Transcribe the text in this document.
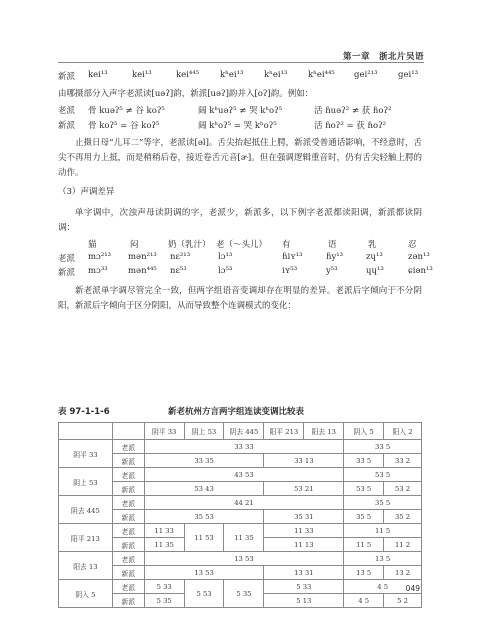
第一章　浙北片吴语
新派 kei¹³	kei¹³	kei⁴⁴⁵ kʰei¹³ kʰei¹³ kʰei⁴⁴⁵ gei²¹³ gei¹³
由哪摄部分入声字老派读[uəʔ]韵，新派[uəʔ]韵并入[oʔ]韵。例如：
老派 骨 kuəʔ⁵ ≠ 谷 koʔ⁵	阔 kʰuəʔ⁵ ≠ 哭 kʰoʔ⁵	活 ɦuəʔ² ≠ 获 ɦoʔ²
新派 骨 koʔ⁵ = 谷 koʔ⁵	阔 kʰoʔ⁵ = 哭 kʰoʔ⁵	活 ɦoʔ² = 获 ɦoʔ²

止摄日母“儿耳二”等字，老派读[əl]。舌尖抬起抵住上腭，新派受普通话影响，不经意时，舌尖不再用力上抵，而是稍稍后卷，接近卷舌元音[ɚ]。但在强调逻辑重音时，仍有舌尖轻触上腭的动作。

（3）声调差异

单字调中，次浊声母读阴调的字，老派少，新派多，以下例字老派都读阳调，新派都读阴调：

猫	闷	奶（乳汁） 老（～头儿） 有	语	乳	忍
老派 mɔ²¹³ mən²¹³ nɛ²¹³	lɔ¹³	ɦiʏ¹³	ɦy¹³	zɥ¹³	zən¹³
新派 mɔ³³ mən⁴⁴⁵ nɛ⁵³	lɔ⁵³	iʏ⁵³	y⁵³	ɥɥ¹³	ɕiən¹³

新老派单字调尽管完全一致，但两字组语音变调却存在明显的差异。老派后字倾向于不分阴阳，新派后字倾向于区分阴阳，从而导致整个连调模式的变化：

表 97-1-1-6	新老杭州方言两字组连读变调比较表
		阴平 33	阴上 53	阴去 445	阳平 213	阳去 13	阴入 5	阳入 2
阴平 33	老派	33 33					33 5	
	新派	33 35			33 13		33 5	33 2
阴上 53	老派	43 53					53 5	
	新派	53 43			53 21		53 5	53 2
阴去 445	老派	44 21					35 5	
	新派	35 53			35 31		35 5	35 2
阳平 213	老派	11 33	11 53	11 35	11 33		11 5	
	新派	11 35			11 13		11 5	11 2
阳去 13	老派	13 53					13 5	
	新派	13 53			13 31		13 5	13 2
阴入 5	老派	5 33	5 53	5 35	5 33		4 5	
	新派	5 35			5 13		4 5	5 2
049
